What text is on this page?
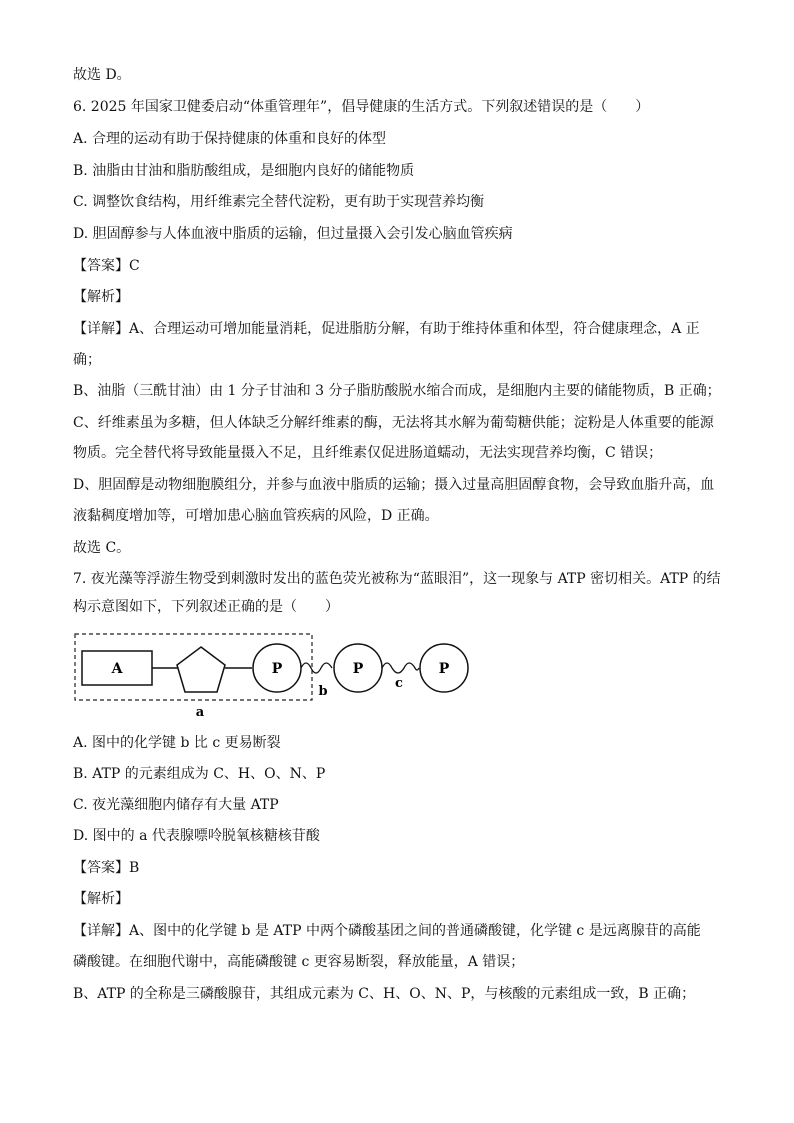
故选 D。
6. 2025 年国家卫健委启动“体重管理年”，倡导健康的生活方式。下列叙述错误的是（　　）
A. 合理的运动有助于保持健康的体重和良好的体型
B. 油脂由甘油和脂肪酸组成，是细胞内良好的储能物质
C. 调整饮食结构，用纤维素完全替代淀粉，更有助于实现营养均衡
D. 胆固醇参与人体血液中脂质的运输，但过量摄入会引发心脑血管疾病
【答案】C
【解析】
【详解】A、合理运动可增加能量消耗，促进脂肪分解，有助于维持体重和体型，符合健康理念，A 正
确；
B、油脂（三酰甘油）由 1 分子甘油和 3 分子脂肪酸脱水缩合而成，是细胞内主要的储能物质，B 正确；
C、纤维素虽为多糖，但人体缺乏分解纤维素的酶，无法将其水解为葡萄糖供能；淀粉是人体重要的能源
物质。完全替代将导致能量摄入不足，且纤维素仅促进肠道蠕动，无法实现营养均衡，C 错误；
D、胆固醇是动物细胞膜组分，并参与血液中脂质的运输；摄入过量高胆固醇食物，会导致血脂升高，血
液黏稠度增加等，可增加患心脑血管疾病的风险，D 正确。
故选 C。
7. 夜光藻等浮游生物受到刺激时发出的蓝色荧光被称为“蓝眼泪”，这一现象与 ATP 密切相关。ATP 的结
构示意图如下，下列叙述正确的是（　　）
A	P	P	P
b
c
a
A. 图中的化学键 b 比 c 更易断裂
B. ATP 的元素组成为 C、H、O、N、P
C. 夜光藻细胞内储存有大量 ATP
D. 图中的 a 代表腺嘌呤脱氧核糖核苷酸
【答案】B
【解析】
【详解】A、图中的化学键 b 是 ATP 中两个磷酸基团之间的普通磷酸键，化学键 c 是远离腺苷的高能
磷酸键。在细胞代谢中，高能磷酸键 c 更容易断裂，释放能量，A 错误；
B、ATP 的全称是三磷酸腺苷，其组成元素为 C、H、O、N、P，与核酸的元素组成一致，B 正确；
